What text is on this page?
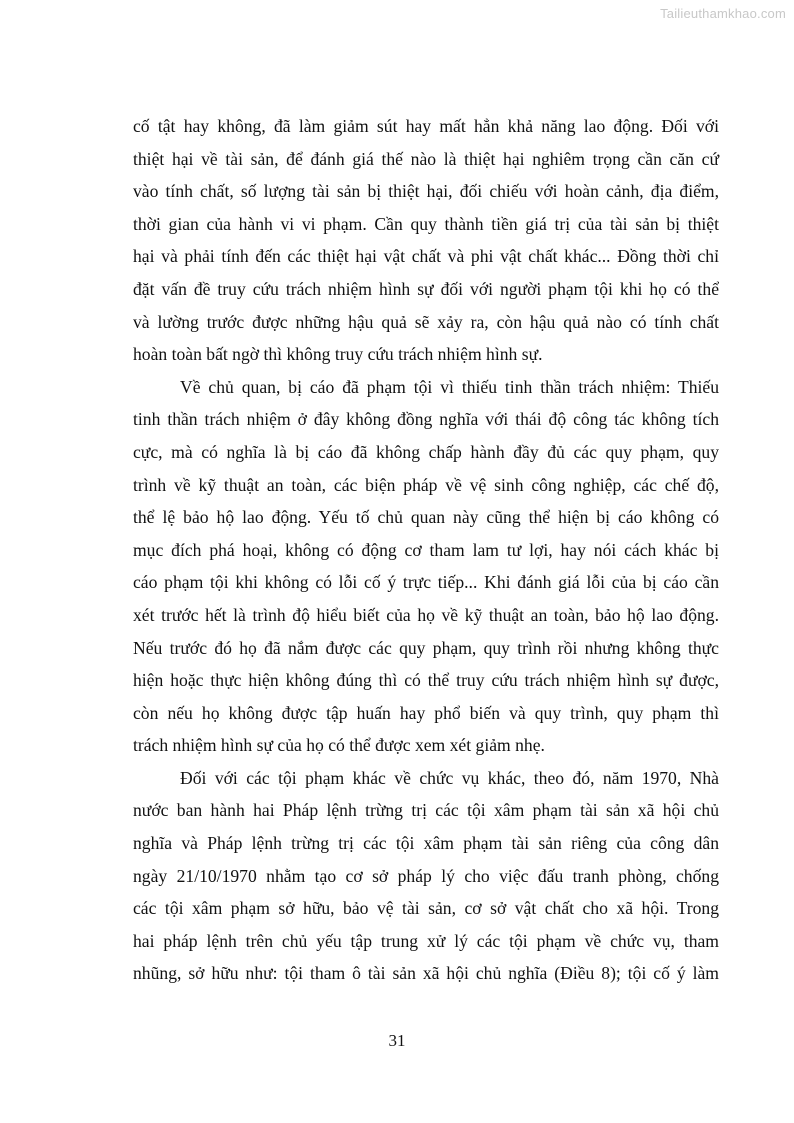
Tailieuthamkhao.com
cố tật hay không, đã làm giảm sút hay mất hẳn khả năng lao động. Đối với
thiệt hại về tài sản, để đánh giá thế nào là thiệt hại nghiêm trọng cần căn cứ
vào tính chất, số lượng tài sản bị thiệt hại, đối chiếu với hoàn cảnh, địa điểm,
thời gian của hành vi vi phạm. Cần quy thành tiền giá trị của tài sản bị thiệt
hại và phải tính đến các thiệt hại vật chất và phi vật chất khác... Đồng thời chỉ
đặt vấn đề truy cứu trách nhiệm hình sự đối với người phạm tội khi họ có thể
và lường trước được những hậu quả sẽ xảy ra, còn hậu quả nào có tính chất
hoàn toàn bất ngờ thì không truy cứu trách nhiệm hình sự.
Về chủ quan, bị cáo đã phạm tội vì thiếu tinh thần trách nhiệm: Thiếu
tinh thần trách nhiệm ở đây không đồng nghĩa với thái độ công tác không tích
cực, mà có nghĩa là bị cáo đã không chấp hành đầy đủ các quy phạm, quy
trình về kỹ thuật an toàn, các biện pháp về vệ sinh công nghiệp, các chế độ,
thể lệ bảo hộ lao động. Yếu tố chủ quan này cũng thể hiện bị cáo không có
mục đích phá hoại, không có động cơ tham lam tư lợi, hay nói cách khác bị
cáo phạm tội khi không có lỗi cố ý trực tiếp... Khi đánh giá lỗi của bị cáo cần
xét trước hết là trình độ hiểu biết của họ về kỹ thuật an toàn, bảo hộ lao động.
Nếu trước đó họ đã nắm được các quy phạm, quy trình rồi nhưng không thực
hiện hoặc thực hiện không đúng thì có thể truy cứu trách nhiệm hình sự được,
còn nếu họ không được tập huấn hay phổ biến và quy trình, quy phạm thì
trách nhiệm hình sự của họ có thể được xem xét giảm nhẹ.
Đối với các tội phạm khác về chức vụ khác, theo đó, năm 1970, Nhà
nước ban hành hai Pháp lệnh trừng trị các tội xâm phạm tài sản xã hội chủ
nghĩa và Pháp lệnh trừng trị các tội xâm phạm tài sản riêng của công dân
ngày 21/10/1970 nhằm tạo cơ sở pháp lý cho việc đấu tranh phòng, chống
các tội xâm phạm sở hữu, bảo vệ tài sản, cơ sở vật chất cho xã hội. Trong
hai pháp lệnh trên chủ yếu tập trung xử lý các tội phạm về chức vụ, tham
nhũng, sở hữu như: tội tham ô tài sản xã hội chủ nghĩa (Điều 8); tội cố ý làm
31
